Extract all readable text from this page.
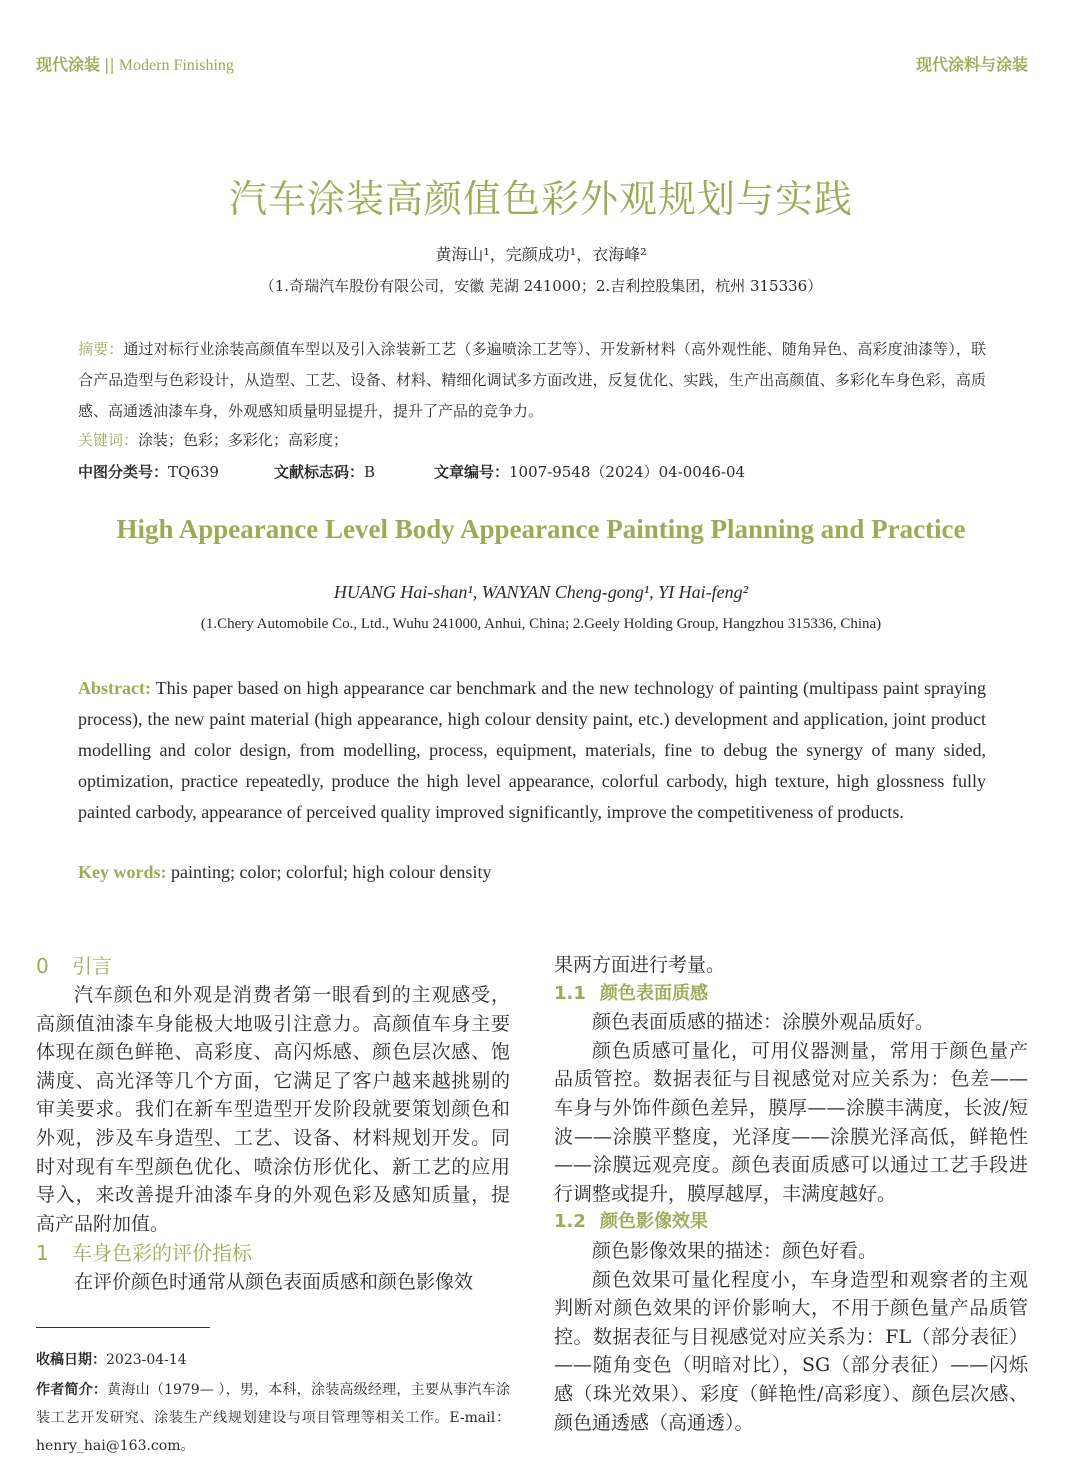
现代涂装 || Modern Finishing	现代涂料与涂装
汽车涂装高颜值色彩外观规划与实践
黄海山¹，完颜成功¹，衣海峰²
（1.奇瑞汽车股份有限公司，安徽 芜湖 241000；2.吉利控股集团，杭州 315336）
摘要：通过对标行业涂装高颜值车型以及引入涂装新工艺（多遍喷涂工艺等）、开发新材料（高外观性能、随角异色、高彩度油漆等），联合产品造型与色彩设计，从造型、工艺、设备、材料、精细化调试多方面改进，反复优化、实践，生产出高颜值、多彩化车身色彩，高质感、高通透油漆车身，外观感知质量明显提升，提升了产品的竞争力。
关键词：涂装；色彩；多彩化；高彩度；
中图分类号：TQ639	文献标志码：B	文章编号：1007-9548（2024）04-0046-04
High Appearance Level Body Appearance Painting Planning and Practice
HUANG Hai-shan¹, WANYAN Cheng-gong¹, YI Hai-feng²
(1.Chery Automobile Co., Ltd., Wuhu 241000, Anhui, China; 2.Geely Holding Group, Hangzhou 315336, China)
Abstract: This paper based on high appearance car benchmark and the new technology of painting (multipass paint spraying process), the new paint material (high appearance, high colour density paint, etc.) development and application, joint product modelling and color design, from modelling, process, equipment, materials, fine to debug the synergy of many sided, optimization, practice repeatedly, produce the high level appearance, colorful carbody, high texture, high glossness fully painted carbody, appearance of perceived quality improved significantly, improve the competitiveness of products.
Key words: painting; color; colorful; high colour density
0 引言

汽车颜色和外观是消费者第一眼看到的主观感受，高颜值油漆车身能极大地吸引注意力。高颜值车身主要体现在颜色鲜艳、高彩度、高闪烁感、颜色层次感、饱满度、高光泽等几个方面，它满足了客户越来越挑剔的审美要求。我们在新车型造型开发阶段就要策划颜色和外观，涉及车身造型、工艺、设备、材料规划开发。同时对现有车型颜色优化、喷涂仿形优化、新工艺的应用导入，来改善提升油漆车身的外观色彩及感知质量，提高产品附加值。

1 车身色彩的评价指标

在评价颜色时通常从颜色表面质感和颜色影像效

果两方面进行考量。

1.1 颜色表面质感

颜色表面质感的描述：涂膜外观品质好。

颜色质感可量化，可用仪器测量，常用于颜色量产品质管控。数据表征与目视感觉对应关系为：色差——车身与外饰件颜色差异，膜厚——涂膜丰满度，长波/短波——涂膜平整度，光泽度——涂膜光泽高低，鲜艳性——涂膜远观亮度。颜色表面质感可以通过工艺手段进行调整或提升，膜厚越厚，丰满度越好。

1.2 颜色影像效果

颜色影像效果的描述：颜色好看。

颜色效果可量化程度小，车身造型和观察者的主观判断对颜色效果的评价影响大，不用于颜色量产品质管控。数据表征与目视感觉对应关系为：FL（部分表征）——随角变色（明暗对比），SG（部分表征）——闪烁感（珠光效果）、彩度（鲜艳性/高彩度）、颜色层次感、颜色通透感（高通透）。

收稿日期：2023-04-14
作者简介：黄海山（1979— ），男，本科，涂装高级经理，主要从事汽车涂装工艺开发研究、涂装生产线规划建设与项目管理等相关工作。E-mail：henry_hai@163.com。
